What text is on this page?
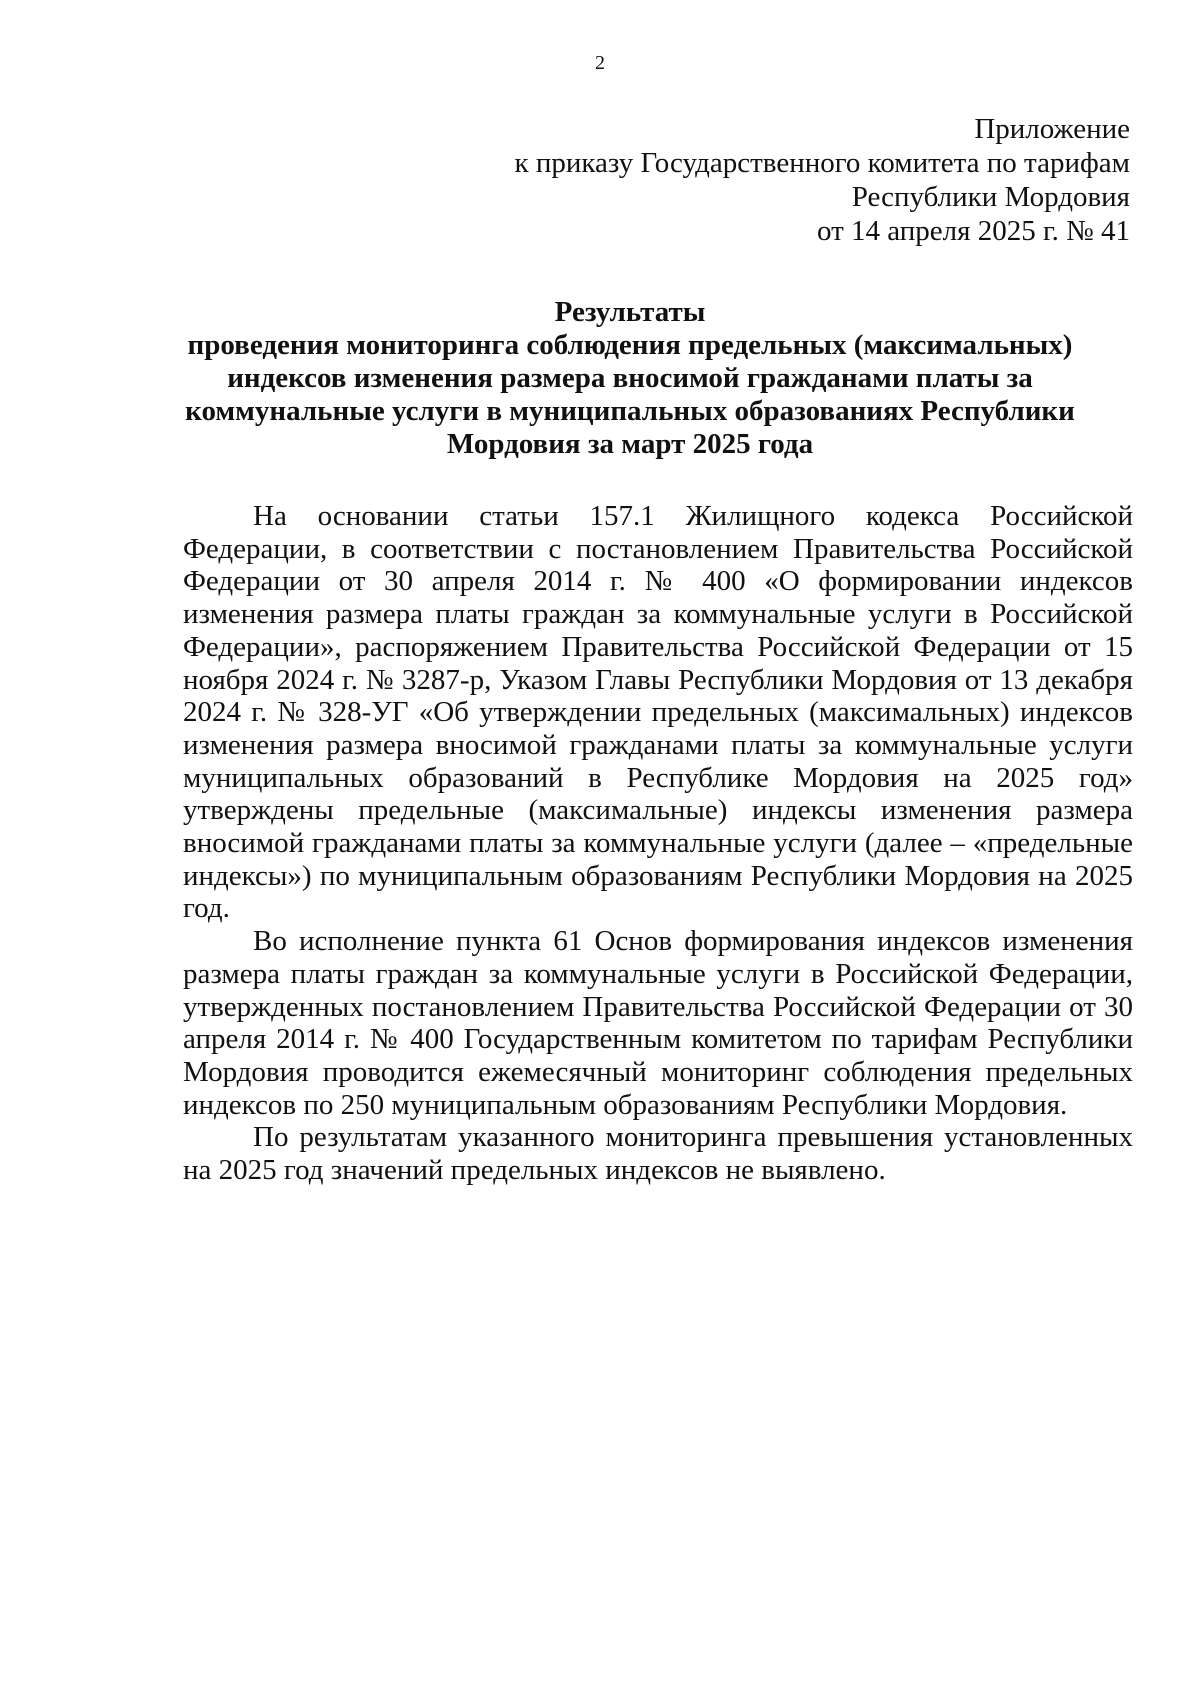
2
Приложение
к приказу Государственного комитета по тарифам
Республики Мордовия
от 14 апреля 2025 г. № 41
Результаты
проведения мониторинга соблюдения предельных (максимальных)
индексов изменения размера вносимой гражданами платы за
коммунальные услуги в муниципальных образованиях Республики
Мордовия за март 2025 года

На основании статьи 157.1 Жилищного кодекса Российской Федерации, в соответствии с постановлением Правительства Российской Федерации от 30 апреля 2014 г. № 400 «О формировании индексов изменения размера платы граждан за коммунальные услуги в Российской Федерации», распоряжением Правительства Российской Федерации от 15 ноября 2024 г. № 3287-р, Указом Главы Республики Мордовия от 13 декабря 2024 г. № 328-УГ «Об утверждении предельных (максимальных) индексов изменения размера вносимой гражданами платы за коммунальные услуги муниципальных образований в Республике Мордовия на 2025 год» утверждены предельные (максимальные) индексы изменения размера вносимой гражданами платы за коммунальные услуги (далее – «предельные индексы») по муниципальным образованиям Республики Мордовия на 2025 год.

Во исполнение пункта 61 Основ формирования индексов изменения размера платы граждан за коммунальные услуги в Российской Федерации, утвержденных постановлением Правительства Российской Федерации от 30 апреля 2014 г. № 400 Государственным комитетом по тарифам Республики Мордовия проводится ежемесячный мониторинг соблюдения предельных индексов по 250 муниципальным образованиям Республики Мордовия.

По результатам указанного мониторинга превышения установленных на 2025 год значений предельных индексов не выявлено.
